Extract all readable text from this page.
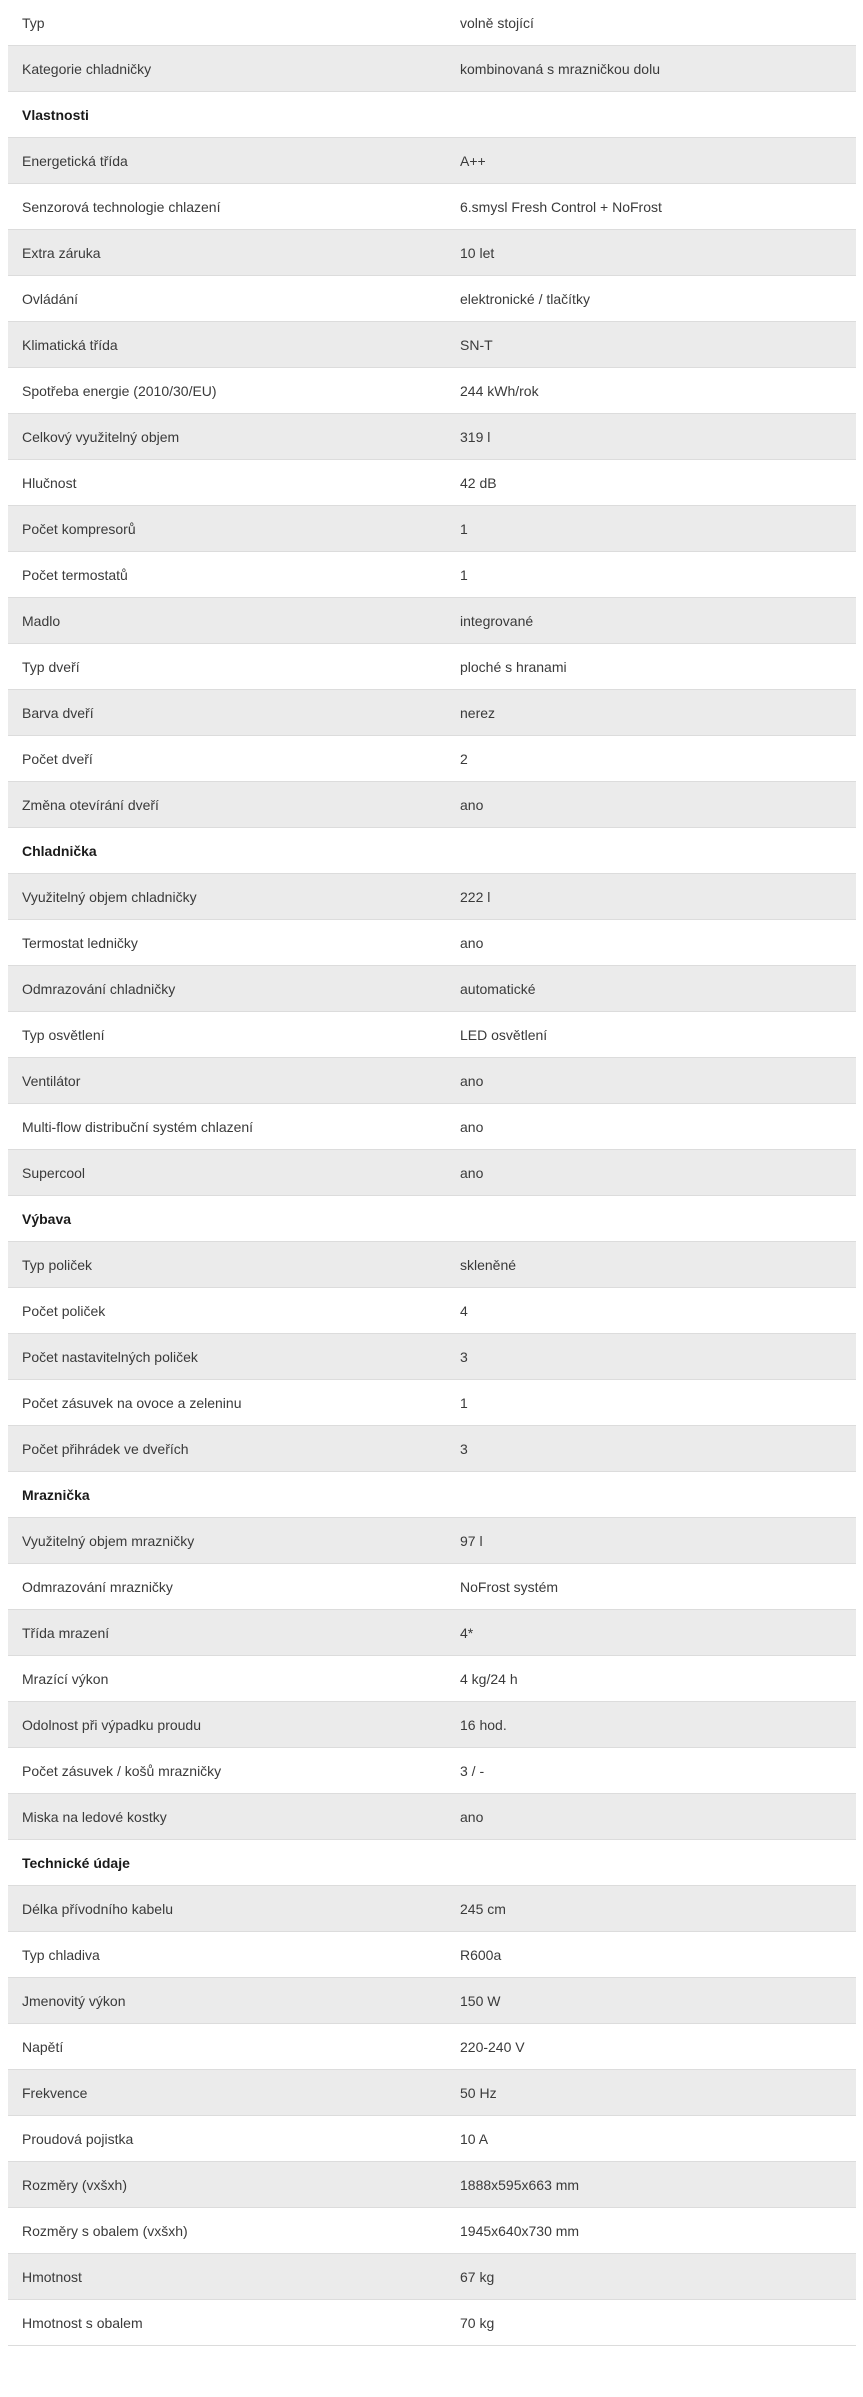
Typ	volně stojící
Kategorie chladničky	kombinovaná s mrazničkou dolu
Vlastnosti
Energetická třída	A++
Senzorová technologie chlazení	6.smysl Fresh Control + NoFrost
Extra záruka	10 let
Ovládání	elektronické / tlačítky
Klimatická třída	SN-T
Spotřeba energie (2010/30/EU)	244 kWh/rok
Celkový využitelný objem	319 l
Hlučnost	42 dB
Počet kompresorů	1
Počet termostatů	1
Madlo	integrované
Typ dveří	ploché s hranami
Barva dveří	nerez
Počet dveří	2
Změna otevírání dveří	ano
Chladnička
Využitelný objem chladničky	222 l
Termostat ledničky	ano
Odmrazování chladničky	automatické
Typ osvětlení	LED osvětlení
Ventilátor	ano
Multi-flow distribuční systém chlazení	ano
Supercool	ano
Výbava
Typ poliček	skleněné
Počet poliček	4
Počet nastavitelných poliček	3
Počet zásuvek na ovoce a zeleninu	1
Počet přihrádek ve dveřích	3
Mraznička
Využitelný objem mrazničky	97 l
Odmrazování mrazničky	NoFrost systém
Třída mrazení	4*
Mrazící výkon	4 kg/24 h
Odolnost při výpadku proudu	16 hod.
Počet zásuvek / košů mrazničky	3 / -
Miska na ledové kostky	ano
Technické údaje
Délka přívodního kabelu	245 cm
Typ chladiva	R600a
Jmenovitý výkon	150 W
Napětí	220-240 V
Frekvence	50 Hz
Proudová pojistka	10 A
Rozměry (vxšxh)	1888x595x663 mm
Rozměry s obalem (vxšxh)	1945x640x730 mm
Hmotnost	67 kg
Hmotnost s obalem	70 kg
